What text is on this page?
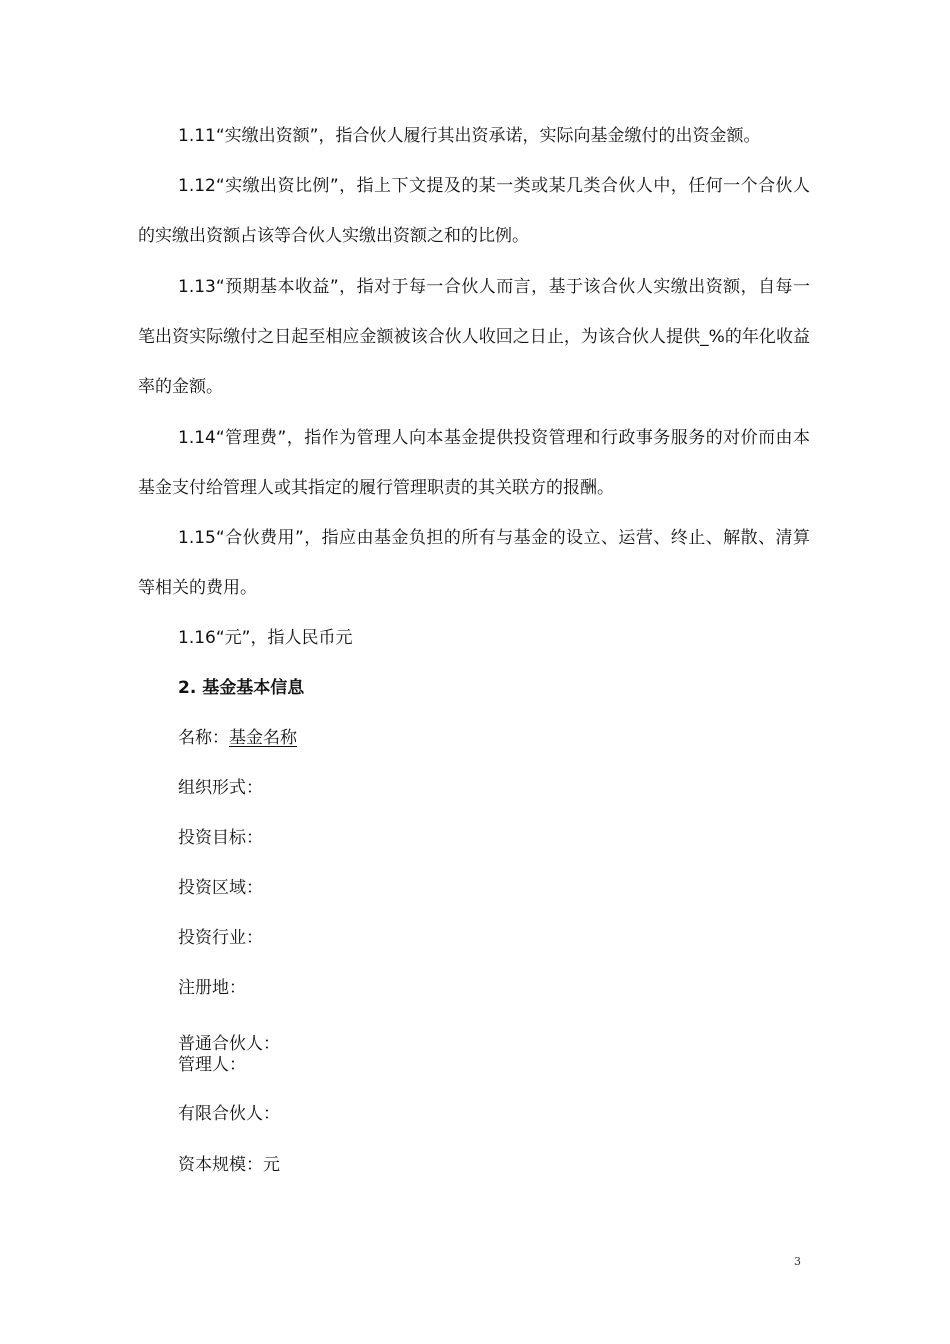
1.11“实缴出资额”，指合伙人履行其出资承诺，实际向基金缴付的出资金额。

1.12“实缴出资比例”，指上下文提及的某一类或某几类合伙人中，任何一个合伙人的实缴出资额占该等合伙人实缴出资额之和的比例。

1.13“预期基本收益”，指对于每一合伙人而言，基于该合伙人实缴出资额，自每一笔出资实际缴付之日起至相应金额被该合伙人收回之日止，为该合伙人提供_%的年化收益率的金额。

1.14“管理费”，指作为管理人向本基金提供投资管理和行政事务服务的对价而由本基金支付给管理人或其指定的履行管理职责的其关联方的报酬。

1.15“合伙费用”，指应由基金负担的所有与基金的设立、运营、终止、解散、清算等相关的费用。

1.16“元”，指人民币元

2. 基金基本信息

名称：基金名称

组织形式：

投资目标：

投资区域：

投资行业：

注册地：

普通合伙人：

管理人：

有限合伙人：

资本规模：元

3
